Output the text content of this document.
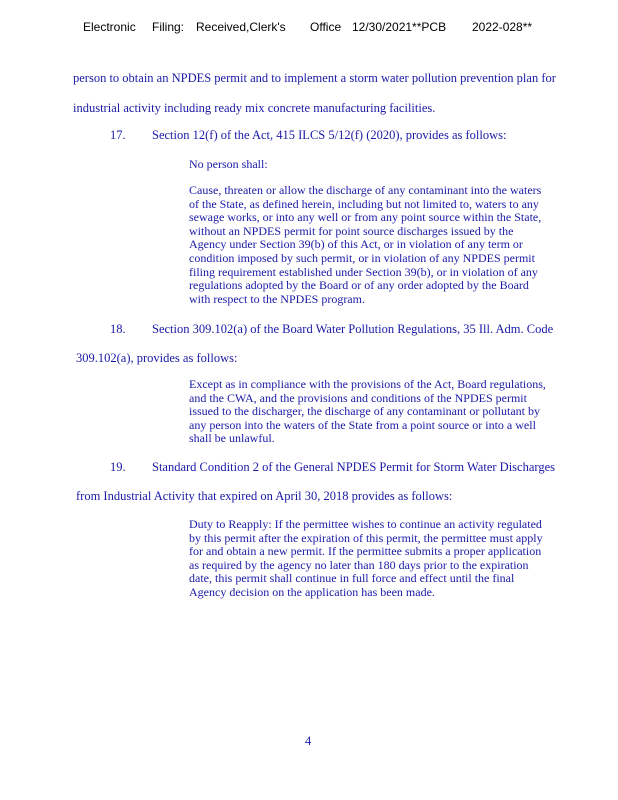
Electronic Filing: Received,Clerk's Office 12/30/2021**PCB 2022-028**
person to obtain an NPDES permit and to implement a storm water pollution prevention plan for
industrial activity including ready mix concrete manufacturing facilities.
17. Section 12(f) of the Act, 415 ILCS 5/12(f) (2020), provides as follows:
No person shall:
Cause, threaten or allow the discharge of any contaminant into the waters
of the State, as defined herein, including but not limited to, waters to any
sewage works, or into any well or from any point source within the State,
without an NPDES permit for point source discharges issued by the
Agency under Section 39(b) of this Act, or in violation of any term or
condition imposed by such permit, or in violation of any NPDES permit
filing requirement established under Section 39(b), or in violation of any
regulations adopted by the Board or of any order adopted by the Board
with respect to the NPDES program.
18. Section 309.102(a) of the Board Water Pollution Regulations, 35 Ill. Adm. Code
309.102(a), provides as follows:
Except as in compliance with the provisions of the Act, Board regulations,
and the CWA, and the provisions and conditions of the NPDES permit
issued to the discharger, the discharge of any contaminant or pollutant by
any person into the waters of the State from a point source or into a well
shall be unlawful.
19. Standard Condition 2 of the General NPDES Permit for Storm Water Discharges
from Industrial Activity that expired on April 30, 2018 provides as follows:
Duty to Reapply: If the permittee wishes to continue an activity regulated
by this permit after the expiration of this permit, the permittee must apply
for and obtain a new permit. If the permittee submits a proper application
as required by the agency no later than 180 days prior to the expiration
date, this permit shall continue in full force and effect until the final
Agency decision on the application has been made.
4
